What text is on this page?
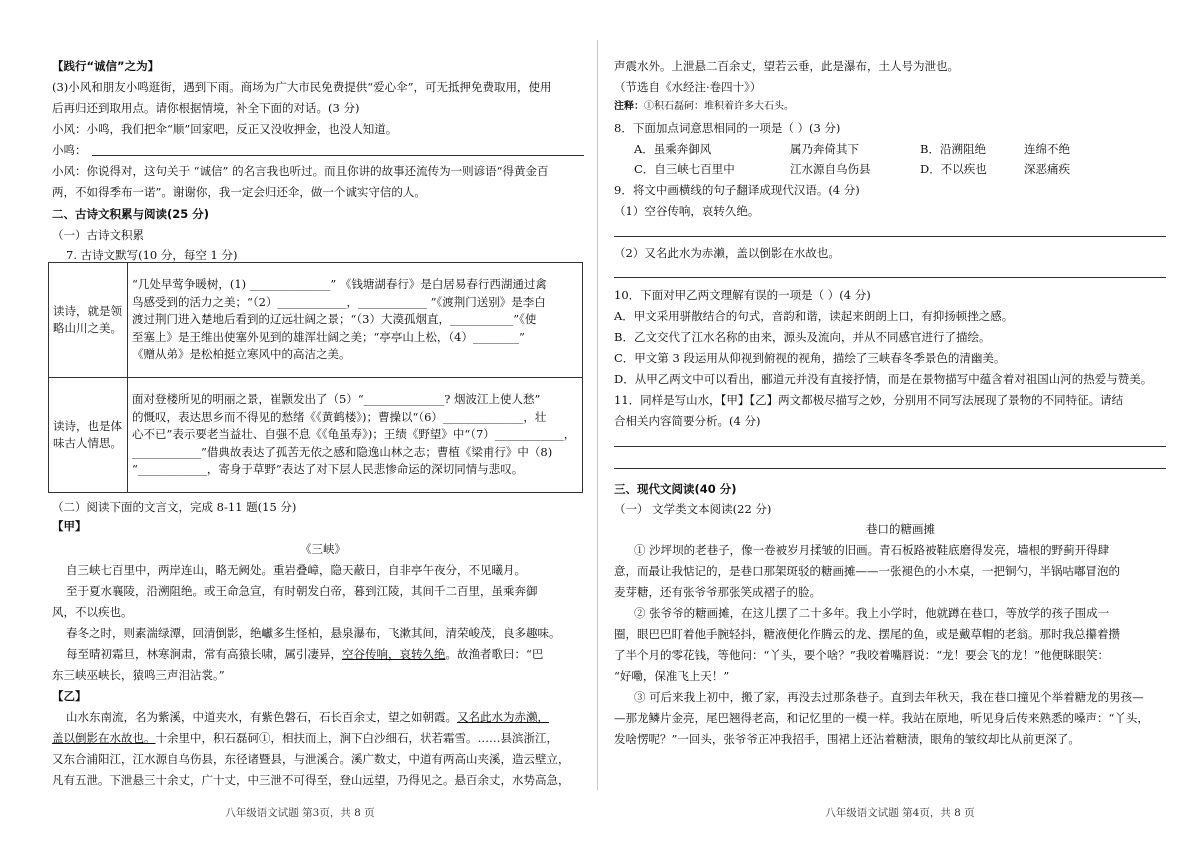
【践行“诚信”之为】
(3)小风和朋友小鸣逛街，遇到下雨。商场为广大市民免费提供“爱心伞”，可无抵押免费取用，使用
后再归还到取用点。请你根据情境，补全下面的对话。(3 分)
小风：小鸣，我们把伞“顺”回家吧，反正又没收押金，也没人知道。
小鸣：
小风：你说得对，这句关于 “诚信” 的名言我也听过。而且你讲的故事还流传为一则谚语“得黄金百
两，不如得季布一诺”。谢谢你，我一定会归还伞，做一个诚实守信的人。
二、古诗文积累与阅读(25 分)
（一）古诗文积累
7. 古诗文默写(10 分，每空 1 分)
读诗，就是领略山川之美。	“几处早莺争暖树，(1) ______________” 《钱塘湖春行》是白居易春行西湖通过禽
鸟感受到的活力之美；“（2）____________，____________ ”《渡荆门送别》是李白
渡过荆门进入楚地后看到的辽远壮阔之景；“（3）大漠孤烟直，___________”《使
至塞上》是王维出使塞外见到的雄浑壮阔之美；“亭亭山上松，（4）________”
《赠从弟》是松柏挺立寒风中的高洁之美。

读诗，也是体味古人情思。	面对登楼所见的明丽之景，崔颢发出了（5）“______________? 烟波江上使人愁”
的慨叹，表达思乡而不得见的愁绪《《黄鹤楼》)；曹操以“（6）______________，壮
心不已”表示要老当益壮、自强不息《《龟虽寿》)；王绩《野望》中“（7）____________，
____________”借典故表达了孤苦无依之感和隐逸山林之志；曹植《梁甫行》中（8)
“____________，寄身于草野”表达了对下层人民悲惨命运的深切同情与悲叹。
（二）阅读下面的文言文，完成 8-11 题(15 分)
【甲】
《三峡》
自三峡七百里中，两岸连山，略无阙处。重岩叠嶂，隐天蔽日，自非亭午夜分，不见曦月。
至于夏水襄陵，沿溯阻绝。或王命急宣，有时朝发白帝，暮到江陵，其间千二百里，虽乘奔御
风，不以疾也。
春冬之时，则素湍绿潭，回清倒影，绝巘多生怪柏，悬泉瀑布，飞漱其间，清荣峻茂，良多趣味。
每至晴初霜旦，林寒涧肃，常有高猿长啸，属引凄异，空谷传响，哀转久绝。故渔者歌曰：“巴
东三峡巫峡长，猿鸣三声泪沾裳。”
【乙】
山水东南流，名为紫溪，中道夹水，有紫色磐石，石长百余丈，望之如朝霞。又名此水为赤濑，
盖以倒影在水故也。十余里中，积石磊砢①，相扶而上，涧下白沙细石，状若霜雪。……县滨浙江，
又东合浦阳江，江水源自乌伤县，东径诸暨县，与泄溪合。溪广数丈，中道有两高山夹溪，造云壁立，
凡有五泄。下泄悬三十余丈，广十丈，中三泄不可得至，登山远望，乃得见之。悬百余丈，水势高急，
八年级语文试题 第3页，共 8 页
声震水外。上泄悬二百余丈，望若云垂，此是瀑布，土人号为泄也。
（节选自《水经注·卷四十》）
注释：①积石磊砢：堆积着许多大石头。
8．下面加点词意思相同的一项是（ ）(3 分)
A．虽乘奔御风	属乃奔倚其下	B．沿溯阻绝	连绵不绝
C．自三峡七百里中	江水源自乌伤县	D．不以疾也	深恶痛疾
9．将文中画横线的句子翻译成现代汉语。(4 分)
（1）空谷传响，哀转久绝。
（2）又名此水为赤濑，盖以倒影在水故也。
10．下面对甲乙两文理解有误的一项是（ ）(4 分)
A．甲文采用骈散结合的句式，音韵和谐，读起来朗朗上口，有抑扬顿挫之感。
B．乙文交代了江水名称的由来，源头及流向，并从不同感官进行了描绘。
C．甲文第 3 段运用从仰视到俯视的视角，描绘了三峡春冬季景色的清幽美。
D．从甲乙两文中可以看出，郦道元并没有直接抒情，而是在景物描写中蕴含着对祖国山河的热爱与赞美。
11．同样是写山水，【甲】【乙】两文都极尽描写之妙，分别用不同写法展现了景物的不同特征。请结
合相关内容简要分析。(4 分)
三、现代文阅读(40 分)
（一） 文学类文本阅读(22 分)
巷口的糖画摊
① 沙坪坝的老巷子，像一卷被岁月揉皱的旧画。青石板路被鞋底磨得发亮，墙根的野蓟开得肆
意，而最让我惦记的，是巷口那架斑驳的糖画摊——一张褪色的小木桌，一把铜勺，半锅咕嘟冒泡的
麦芽糖，还有张爷爷那张笑成褶子的脸。
② 张爷爷的糖画摊，在这儿摆了二十多年。我上小学时，他就蹲在巷口，等放学的孩子围成一
圈，眼巴巴盯着他手腕轻抖，糖液便化作腾云的龙、摆尾的鱼，或是戴草帽的老翁。那时我总攥着攒
了半个月的零花钱，等他问：“丫头，要个啥？”我咬着嘴唇说：“龙！要会飞的龙！”他便眯眼笑：
“好嘞，保准飞上天！”
③ 可后来我上初中，搬了家，再没去过那条巷子。直到去年秋天，我在巷口撞见个举着糖龙的男孩—
—那龙鳞片金亮，尾巴翘得老高，和记忆里的一模一样。我站在原地，听见身后传来熟悉的嗓声：“丫头，
发啥愣呢？”一回头，张爷爷正冲我招手，围裙上还沾着糖渍，眼角的皱纹却比从前更深了。
八年级语文试题 第4页，共 8 页
